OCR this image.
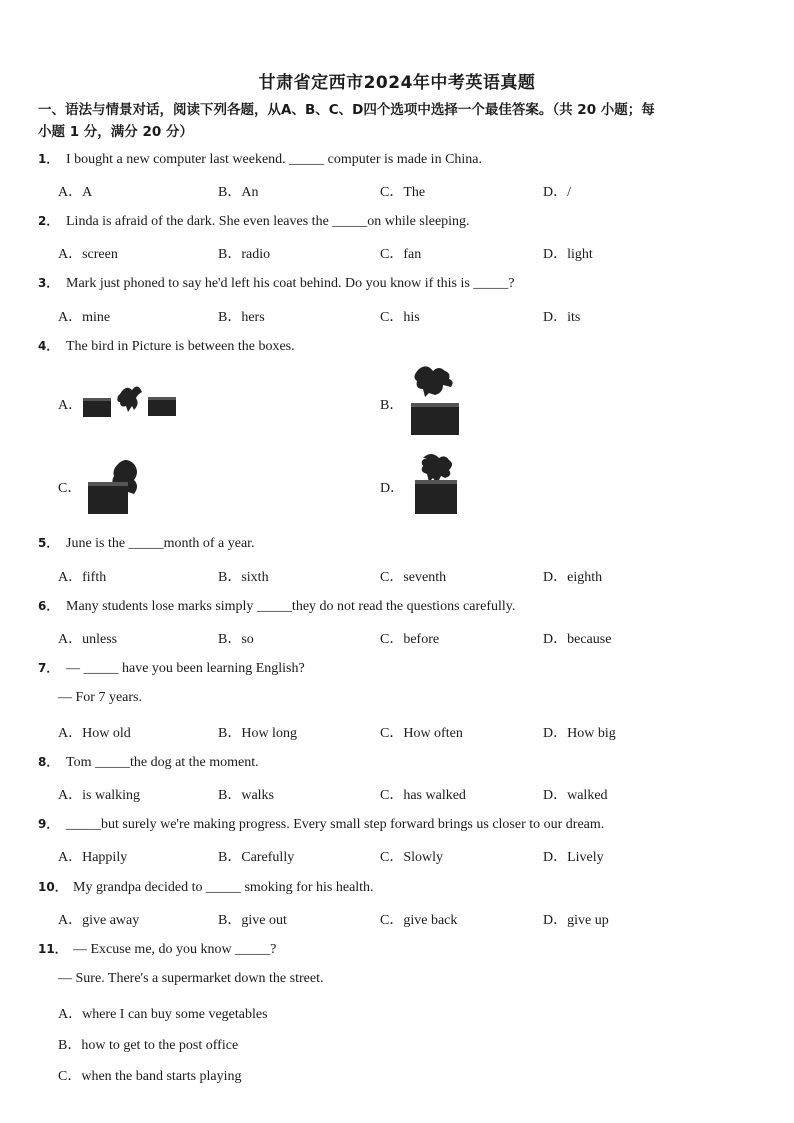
甘肃省定西市2024年中考英语真题
一、语法与情景对话，阅读下列各题，从A、B、C、D四个选项中选择一个最佳答案。（共 20 小题；每
小题 1 分，满分 20 分）
1． I bought a new computer last weekend. _____ computer is made in China.
A．A	B．An	C．The	D．/
2． Linda is afraid of the dark. She even leaves the _____on while sleeping.
A．screen	B．radio	C．fan	D．light
3． Mark just phoned to say he'd left his coat behind. Do you know if this is _____?
A．mine	B．hers	C．his	D．its
4． The bird in Picture is between the boxes.
A．	B．
C．	D．
5． June is the _____month of a year.
A．fifth	B．sixth	C．seventh	D．eighth
6． Many students lose marks simply _____they do not read the questions carefully.
A．unless	B．so	C．before	D．because
7． — _____ have you been learning English?
— For 7 years.
A．How old	B．How long	C．How often	D．How big
8． Tom _____the dog at the moment.
A．is walking	B．walks	C．has walked	D．walked
9． _____but surely we're making progress. Every small step forward brings us closer to our dream.
A．Happily	B．Carefully	C．Slowly	D．Lively
10． My grandpa decided to _____ smoking for his health.
A．give away	B．give out	C．give back	D．give up
11． — Excuse me, do you know _____?
— Sure. There's a supermarket down the street.
A．where I can buy some vegetables
B．how to get to the post office
C．when the band starts playing
